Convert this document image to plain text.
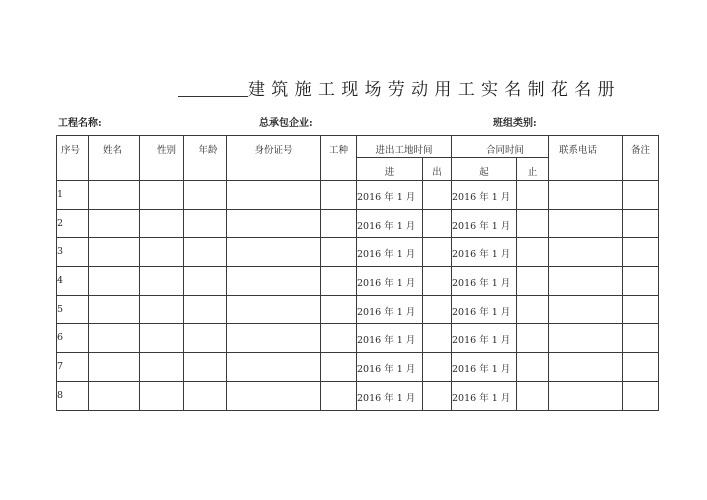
建筑施工现场劳动用工实名制花名册
工程名称:	总承包企业:	班组类别:
序号	姓名	性别	年龄	身份证号	工种	进出工地时间		合同时间		联系电话	备注
						进	出	起	止		
1						2016 年 1 月		2016 年 1 月			
2						2016 年 1 月		2016 年 1 月			
3						2016 年 1 月		2016 年 1 月			
4						2016 年 1 月		2016 年 1 月			
5						2016 年 1 月		2016 年 1 月			
6						2016 年 1 月		2016 年 1 月			
7						2016 年 1 月		2016 年 1 月			
8						2016 年 1 月		2016 年 1 月			
